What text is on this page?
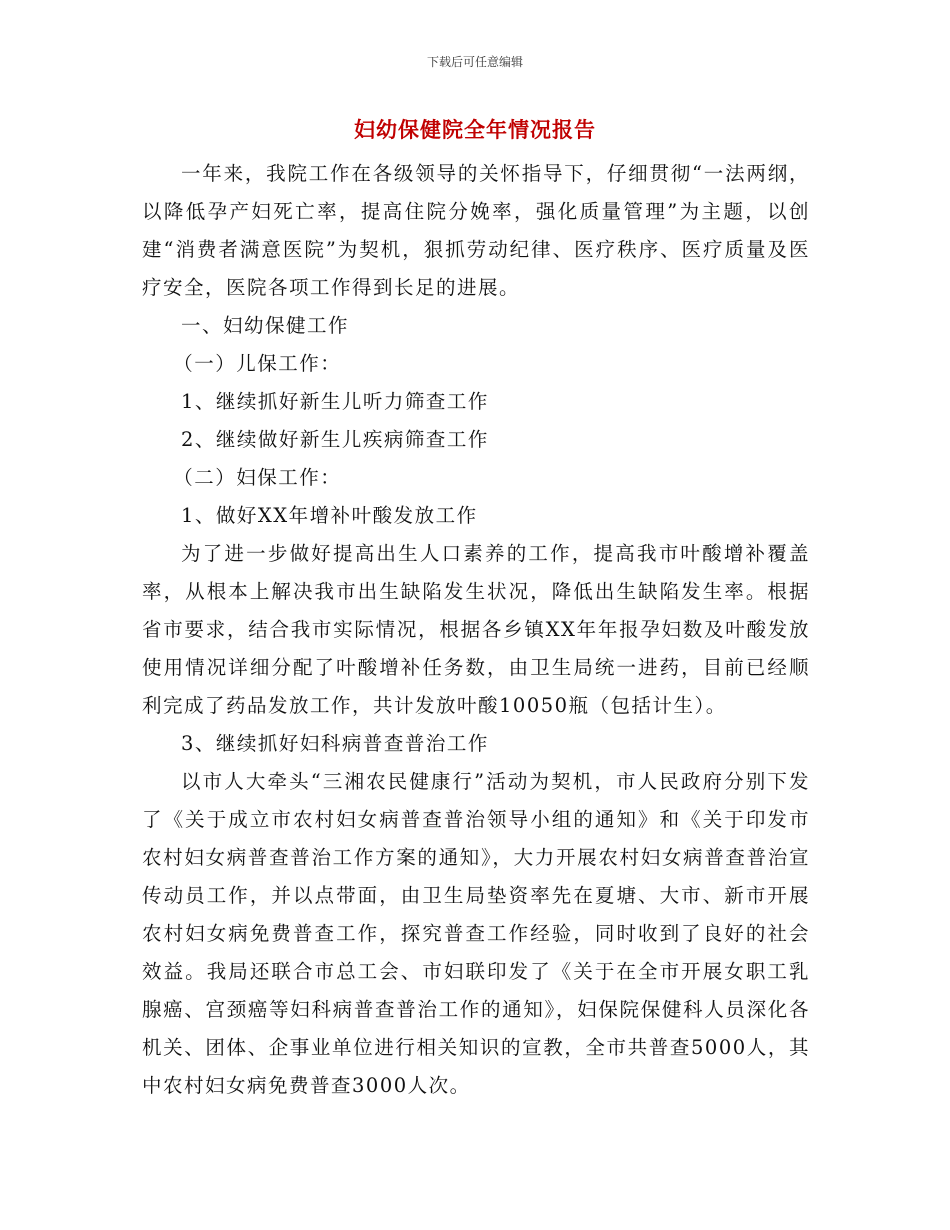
下载后可任意编辑
妇幼保健院全年情况报告

一年来，我院工作在各级领导的关怀指导下，仔细贯彻“一法两纲，以降低孕产妇死亡率，提高住院分娩率，强化质量管理”为主题，以创建“消费者满意医院”为契机，狠抓劳动纪律、医疗秩序、医疗质量及医疗安全，医院各项工作得到长足的进展。

一、妇幼保健工作

（一）儿保工作：

1、继续抓好新生儿听力筛查工作

2、继续做好新生儿疾病筛查工作

（二）妇保工作：

1、做好XX年增补叶酸发放工作

为了进一步做好提高出生人口素养的工作，提高我市叶酸增补覆盖率，从根本上解决我市出生缺陷发生状况，降低出生缺陷发生率。根据省市要求，结合我市实际情况，根据各乡镇XX年年报孕妇数及叶酸发放使用情况详细分配了叶酸增补任务数，由卫生局统一进药，目前已经顺利完成了药品发放工作，共计发放叶酸10050瓶（包括计生）。

3、继续抓好妇科病普查普治工作

以市人大牵头“三湘农民健康行”活动为契机，市人民政府分别下发了《关于成立市农村妇女病普查普治领导小组的通知》和《关于印发市农村妇女病普查普治工作方案的通知》，大力开展农村妇女病普查普治宣传动员工作，并以点带面，由卫生局垫资率先在夏塘、大市、新市开展农村妇女病免费普查工作，探究普查工作经验，同时收到了良好的社会效益。我局还联合市总工会、市妇联印发了《关于在全市开展女职工乳腺癌、宫颈癌等妇科病普查普治工作的通知》，妇保院保健科人员深化各机关、团体、企事业单位进行相关知识的宣教，全市共普查5000人，其中农村妇女病免费普查3000人次。
